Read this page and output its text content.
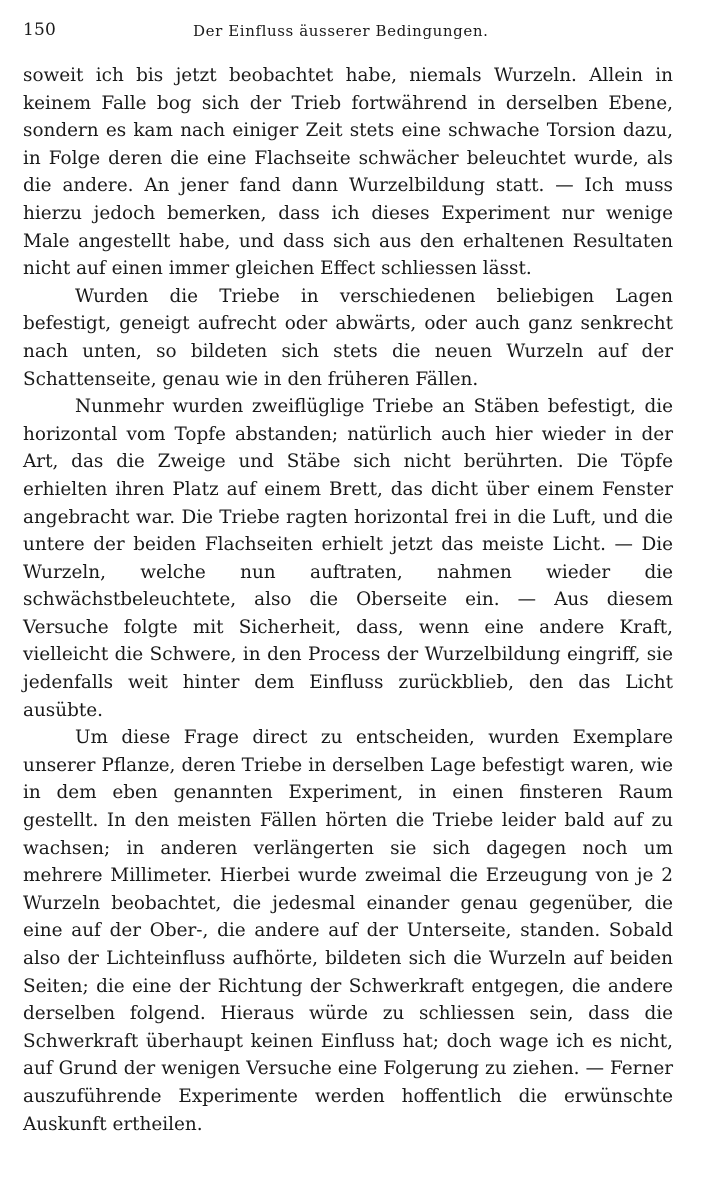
150	Der Einfluss äusserer Bedingungen.

soweit ich bis jetzt beobachtet habe, niemals Wurzeln. Allein in keinem Falle bog sich der Trieb fortwährend in derselben Ebene, sondern es kam nach einiger Zeit stets eine schwache Torsion dazu, in Folge deren die eine Flachseite schwächer beleuchtet wurde, als die andere. An jener fand dann Wurzelbildung statt. — Ich muss hierzu jedoch bemerken, dass ich dieses Experiment nur wenige Male angestellt habe, und dass sich aus den erhaltenen Resultaten nicht auf einen immer gleichen Effect schliessen lässt.

Wurden die Triebe in verschiedenen beliebigen Lagen befestigt, geneigt aufrecht oder abwärts, oder auch ganz senkrecht nach unten, so bildeten sich stets die neuen Wurzeln auf der Schattenseite, genau wie in den früheren Fällen.

Nunmehr wurden zweiflüglige Triebe an Stäben befestigt, die horizontal vom Topfe abstanden; natürlich auch hier wieder in der Art, das die Zweige und Stäbe sich nicht berührten. Die Töpfe erhielten ihren Platz auf einem Brett, das dicht über einem Fenster angebracht war. Die Triebe ragten horizontal frei in die Luft, und die untere der beiden Flachseiten erhielt jetzt das meiste Licht. — Die Wurzeln, welche nun auftraten, nahmen wieder die schwächstbeleuchtete, also die Oberseite ein. — Aus diesem Versuche folgte mit Sicherheit, dass, wenn eine andere Kraft, vielleicht die Schwere, in den Process der Wurzelbildung eingriff, sie jedenfalls weit hinter dem Einfluss zurückblieb, den das Licht ausübte.

Um diese Frage direct zu entscheiden, wurden Exemplare unserer Pflanze, deren Triebe in derselben Lage befestigt waren, wie in dem eben genannten Experiment, in einen finsteren Raum gestellt. In den meisten Fällen hörten die Triebe leider bald auf zu wachsen; in anderen verlängerten sie sich dagegen noch um mehrere Millimeter. Hierbei wurde zweimal die Erzeugung von je 2 Wurzeln beobachtet, die jedesmal einander genau gegenüber, die eine auf der Ober-, die andere auf der Unterseite, standen. Sobald also der Lichteinfluss aufhörte, bildeten sich die Wurzeln auf beiden Seiten; die eine der Richtung der Schwerkraft entgegen, die andere derselben folgend. Hieraus würde zu schliessen sein, dass die Schwerkraft überhaupt keinen Einfluss hat; doch wage ich es nicht, auf Grund der wenigen Versuche eine Folgerung zu ziehen. — Ferner auszuführende Experimente werden hoffentlich die erwünschte Auskunft ertheilen.
